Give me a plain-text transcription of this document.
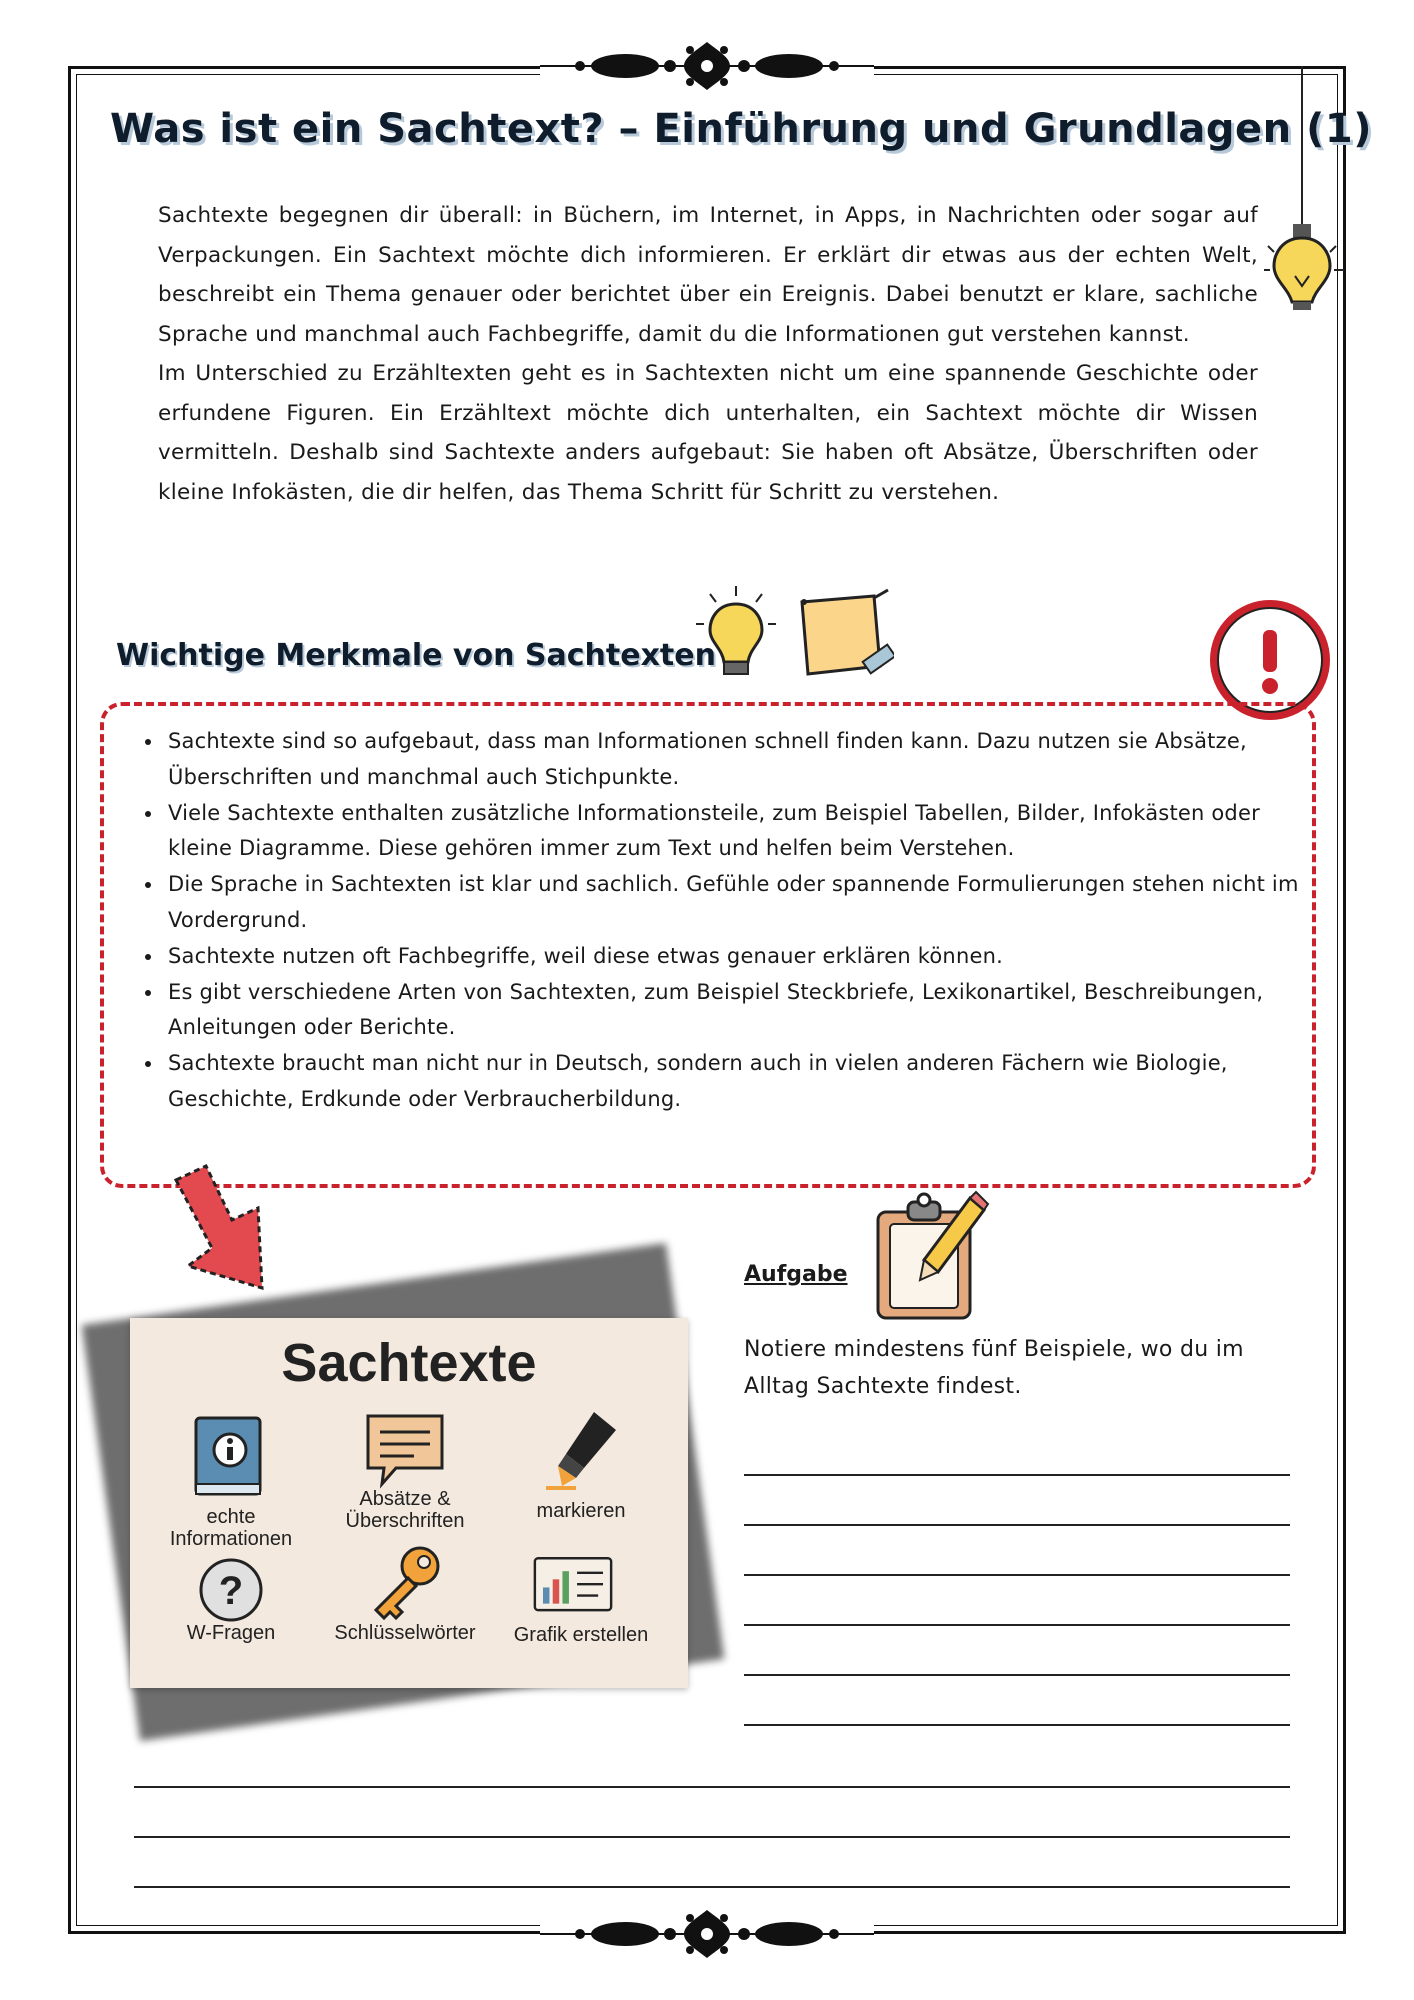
Was ist ein Sachtext? – Einführung und Grundlagen (1)

Sachtexte begegnen dir überall: in Büchern, im Internet, in Apps, in Nachrichten oder sogar auf Verpackungen. Ein Sachtext möchte dich informieren. Er erklärt dir etwas aus der echten Welt, beschreibt ein Thema genauer oder berichtet über ein Ereignis. Dabei benutzt er klare, sachliche Sprache und manchmal auch Fachbegriffe, damit du die Informationen gut verstehen kannst.

Im Unterschied zu Erzähltexten geht es in Sachtexten nicht um eine spannende Geschichte oder erfundene Figuren. Ein Erzähltext möchte dich unterhalten, ein Sachtext möchte dir Wissen vermitteln. Deshalb sind Sachtexte anders aufgebaut: Sie haben oft Absätze, Überschriften oder kleine Infokästen, die dir helfen, das Thema Schritt für Schritt zu verstehen.

Wichtige Merkmale von Sachtexten
• Sachtexte sind so aufgebaut, dass man Informationen schnell finden kann. Dazu nutzen sie Absätze, Überschriften und manchmal auch Stichpunkte.
• Viele Sachtexte enthalten zusätzliche Informationsteile, zum Beispiel Tabellen, Bilder, Infokästen oder kleine Diagramme. Diese gehören immer zum Text und helfen beim Verstehen.
• Die Sprache in Sachtexten ist klar und sachlich. Gefühle oder spannende Formulierungen stehen nicht im Vordergrund.
• Sachtexte nutzen oft Fachbegriffe, weil diese etwas genauer erklären können.
• Es gibt verschiedene Arten von Sachtexten, zum Beispiel Steckbriefe, Lexikonartikel, Beschreibungen, Anleitungen oder Berichte.
• Sachtexte braucht man nicht nur in Deutsch, sondern auch in vielen anderen Fächern wie Biologie, Geschichte, Erdkunde oder Verbraucherbildung.
Sachtexte
echte Informationen
Absätze & Überschriften	markieren
?
W-Fragen	Schlüsselwörter	Grafik erstellen

Aufgabe

Notiere mindestens fünf Beispiele, wo du im Alltag Sachtexte findest.
